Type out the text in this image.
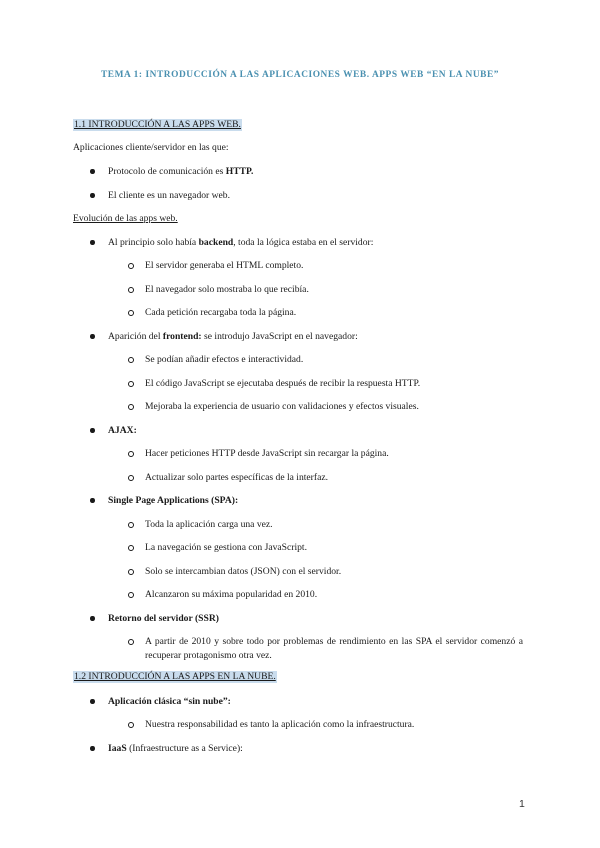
TEMA 1: INTRODUCCIÓN A LAS APLICACIONES WEB. APPS WEB “EN LA NUBE”
1.1 INTRODUCCIÓN A LAS APPS WEB.
Aplicaciones cliente/servidor en las que:
Protocolo de comunicación es HTTP.
El cliente es un navegador web.
Evolución de las apps web.
Al principio solo había backend, toda la lógica estaba en el servidor:
El servidor generaba el HTML completo.
El navegador solo mostraba lo que recibía.
Cada petición recargaba toda la página.
Aparición del frontend: se introdujo JavaScript en el navegador:
Se podían añadir efectos e interactividad.
El código JavaScript se ejecutaba después de recibir la respuesta HTTP.
Mejoraba la experiencia de usuario con validaciones y efectos visuales.
AJAX:
Hacer peticiones HTTP desde JavaScript sin recargar la página.
Actualizar solo partes específicas de la interfaz.
Single Page Applications (SPA):
Toda la aplicación carga una vez.
La navegación se gestiona con JavaScript.
Solo se intercambian datos (JSON) con el servidor.
Alcanzaron su máxima popularidad en 2010.
Retorno del servidor (SSR)
A partir de 2010 y sobre todo por problemas de rendimiento en las SPA el servidor comenzó a recuperar protagonismo otra vez.
1.2 INTRODUCCIÓN A LAS APPS EN LA NUBE.
Aplicación clásica “sin nube”:
Nuestra responsabilidad es tanto la aplicación como la infraestructura.
IaaS (Infraestructure as a Service):
1
